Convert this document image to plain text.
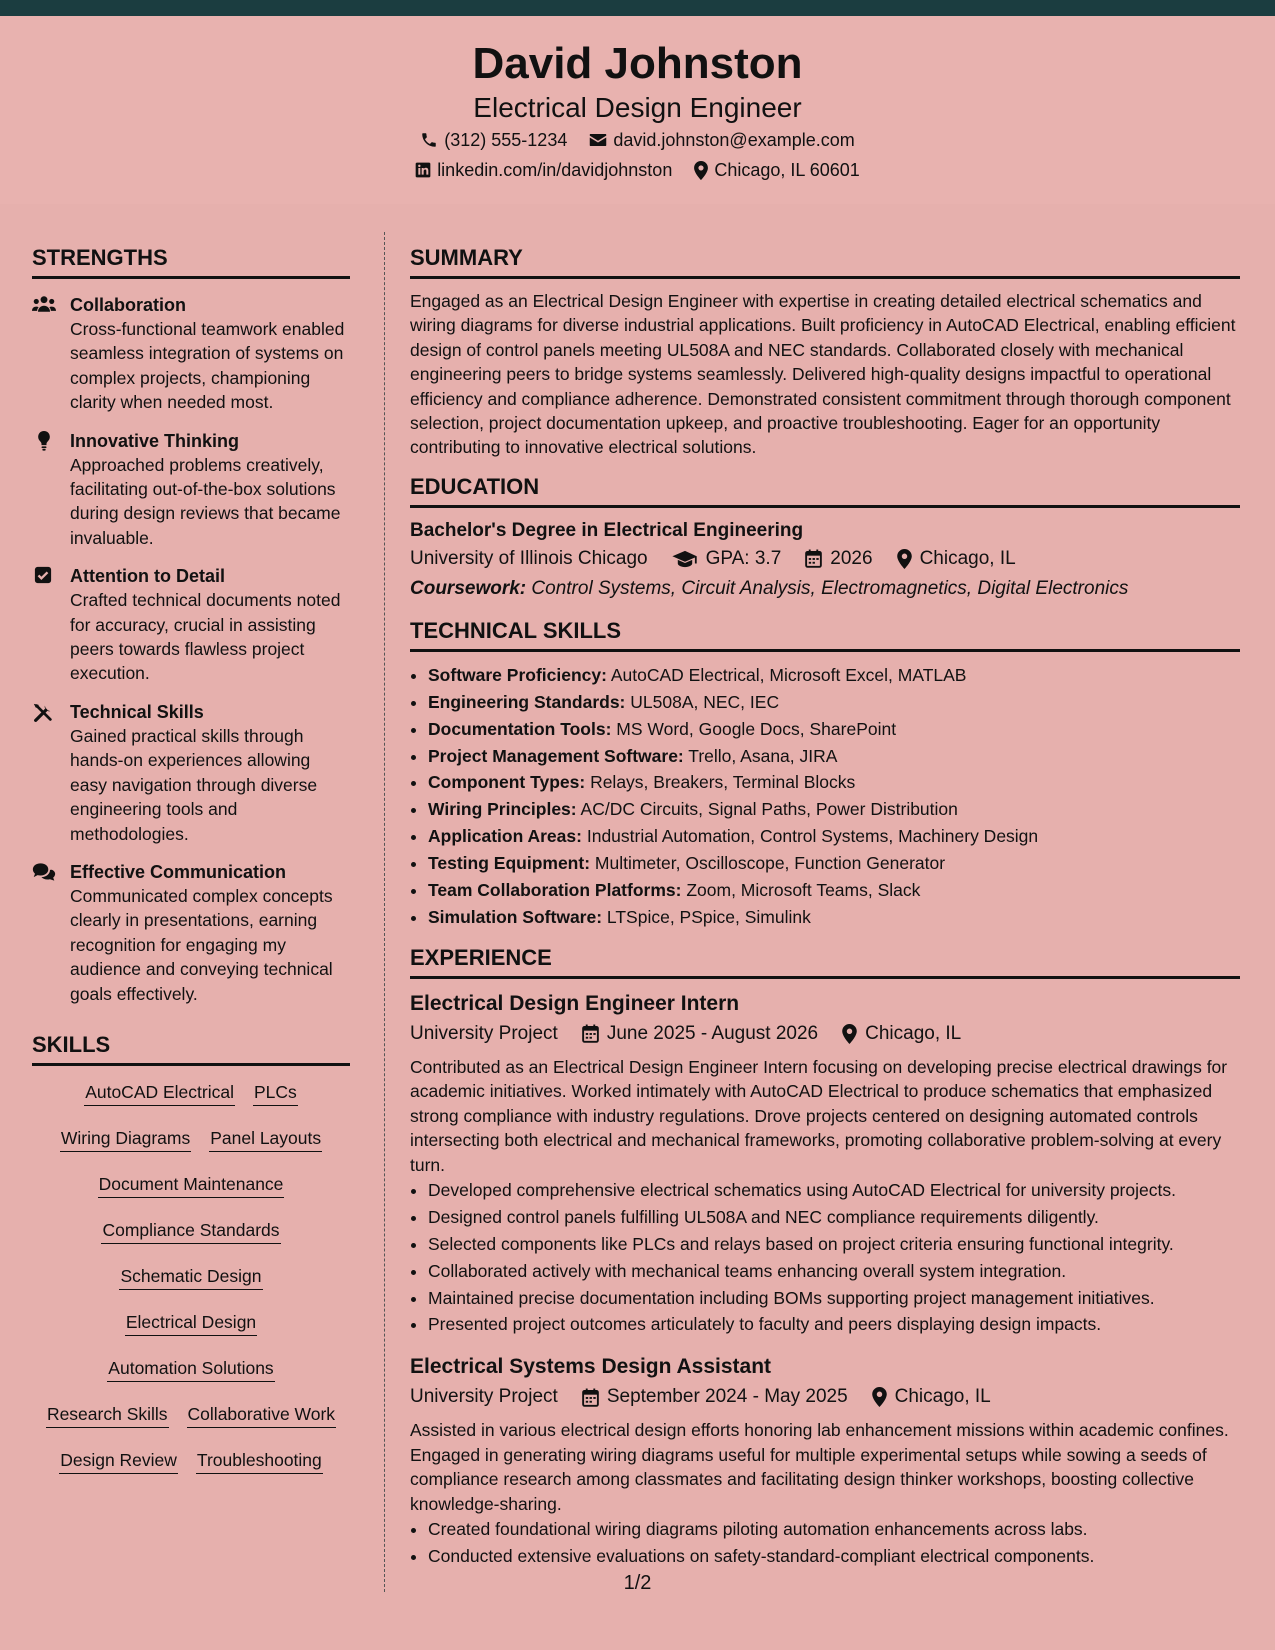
David Johnston
Electrical Design Engineer
(312) 555-1234	david.johnston@example.com
linkedin.com/in/davidjohnston Chicago, IL 60601
STRENGTHS
Collaboration
Cross-functional teamwork enabled seamless integration of systems on complex projects, championing clarity when needed most.
Innovative Thinking
Approached problems creatively, facilitating out-of-the-box solutions during design reviews that became invaluable.
Attention to Detail
Crafted technical documents noted for accuracy, crucial in assisting peers towards flawless project execution.
Technical Skills
Gained practical skills through hands-on experiences allowing easy navigation through diverse engineering tools and methodologies.
Effective Communication
Communicated complex concepts clearly in presentations, earning recognition for engaging my audience and conveying technical goals effectively.
SKILLS
AutoCAD Electrical PLCs
Wiring Diagrams Panel Layouts
Document Maintenance
Compliance Standards
Schematic Design
Electrical Design
Automation Solutions
Research Skills Collaborative Work
Design Review Troubleshooting
SUMMARY
Engaged as an Electrical Design Engineer with expertise in creating detailed electrical schematics and wiring diagrams for diverse industrial applications. Built proficiency in AutoCAD Electrical, enabling efficient design of control panels meeting UL508A and NEC standards. Collaborated closely with mechanical engineering peers to bridge systems seamlessly. Delivered high-quality designs impactful to operational efficiency and compliance adherence. Demonstrated consistent commitment through thorough component selection, project documentation upkeep, and proactive troubleshooting. Eager for an opportunity contributing to innovative electrical solutions.
EDUCATION
Bachelor's Degree in Electrical Engineering
University of Illinois Chicago	GPA: 3.7	2026 Chicago, IL
Coursework: Control Systems, Circuit Analysis, Electromagnetics, Digital Electronics
TECHNICAL SKILLS
• Software Proficiency: AutoCAD Electrical, Microsoft Excel, MATLAB
• Engineering Standards: UL508A, NEC, IEC
• Documentation Tools: MS Word, Google Docs, SharePoint
• Project Management Software: Trello, Asana, JIRA
• Component Types: Relays, Breakers, Terminal Blocks
• Wiring Principles: AC/DC Circuits, Signal Paths, Power Distribution
• Application Areas: Industrial Automation, Control Systems, Machinery Design
• Testing Equipment: Multimeter, Oscilloscope, Function Generator
• Team Collaboration Platforms: Zoom, Microsoft Teams, Slack
• Simulation Software: LTSpice, PSpice, Simulink
EXPERIENCE
Electrical Design Engineer Intern
University Project	June 2025 - August 2026 Chicago, IL
Contributed as an Electrical Design Engineer Intern focusing on developing precise electrical drawings for academic initiatives. Worked intimately with AutoCAD Electrical to produce schematics that emphasized strong compliance with industry regulations. Drove projects centered on designing automated controls intersecting both electrical and mechanical frameworks, promoting collaborative problem-solving at every turn.
• Developed comprehensive electrical schematics using AutoCAD Electrical for university projects.
• Designed control panels fulfilling UL508A and NEC compliance requirements diligently.
• Selected components like PLCs and relays based on project criteria ensuring functional integrity.
• Collaborated actively with mechanical teams enhancing overall system integration.
• Maintained precise documentation including BOMs supporting project management initiatives.
• Presented project outcomes articulately to faculty and peers displaying design impacts.
Electrical Systems Design Assistant
University Project	September 2024 - May 2025 Chicago, IL
Assisted in various electrical design efforts honoring lab enhancement missions within academic confines. Engaged in generating wiring diagrams useful for multiple experimental setups while sowing a seeds of compliance research among classmates and facilitating design thinker workshops, boosting collective knowledge-sharing.
• Created foundational wiring diagrams piloting automation enhancements across labs.
• Conducted extensive evaluations on safety-standard-compliant electrical components.
1/2
